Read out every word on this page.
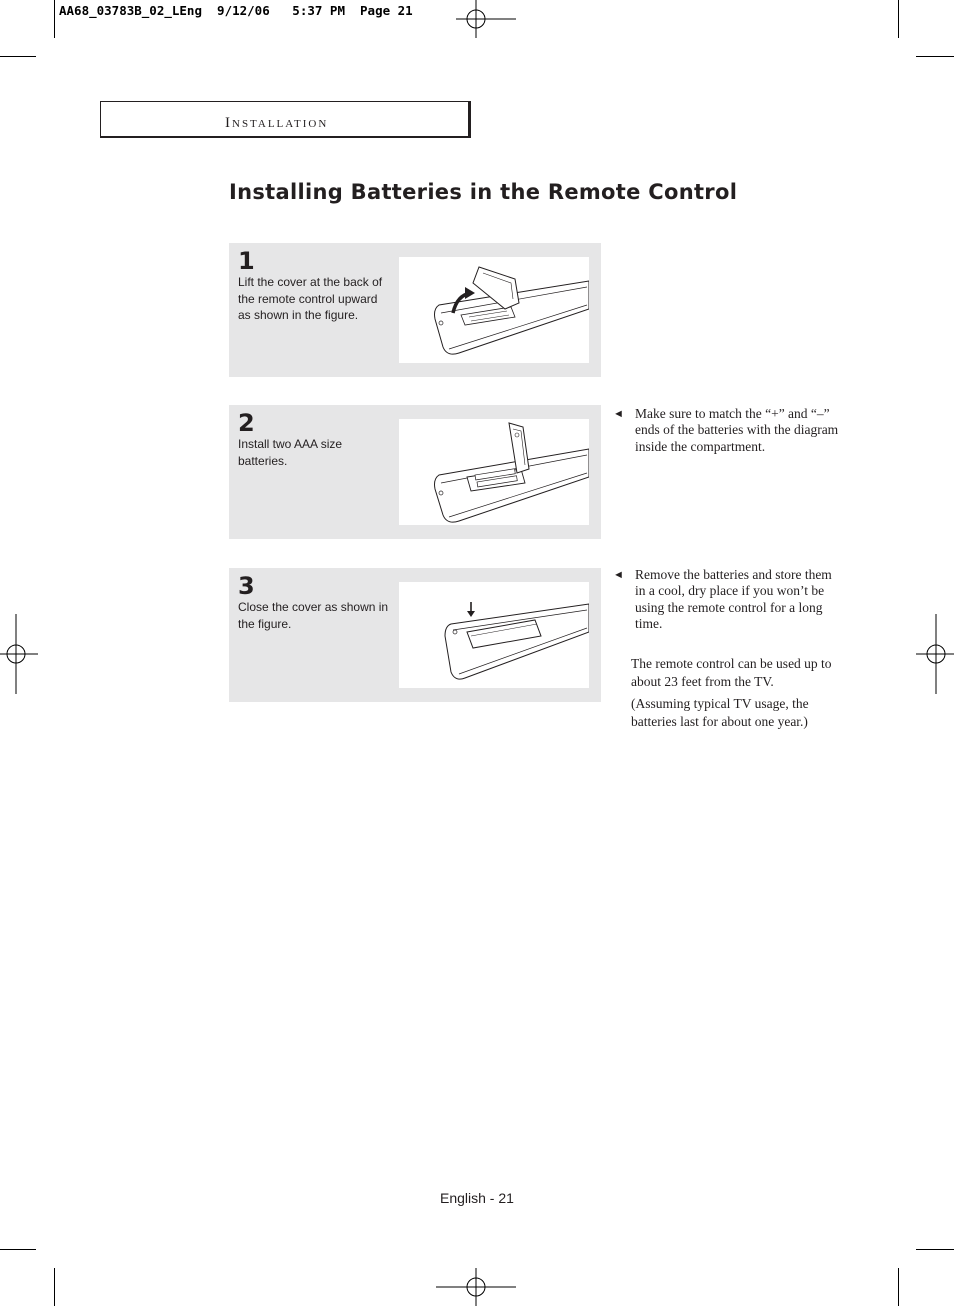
AA68_03783B_02_LEng  9/12/06   5:37 PM  Page 21
Installation
Installing Batteries in the Remote Control
1
Lift the cover at the back of the remote control upward as shown in the figure.
2
Install two AAA size batteries.
3
Close the cover as shown in the figure.
◄ Make sure to match the “+” and “–” ends of the batteries with the diagram inside the compartment.
◄ Remove the batteries and store them in a cool, dry place if you won’t be using the remote control for a long time.
The remote control can be used up to about 23 feet from the TV.
(Assuming typical TV usage, the batteries last for about one year.)
English - 21
